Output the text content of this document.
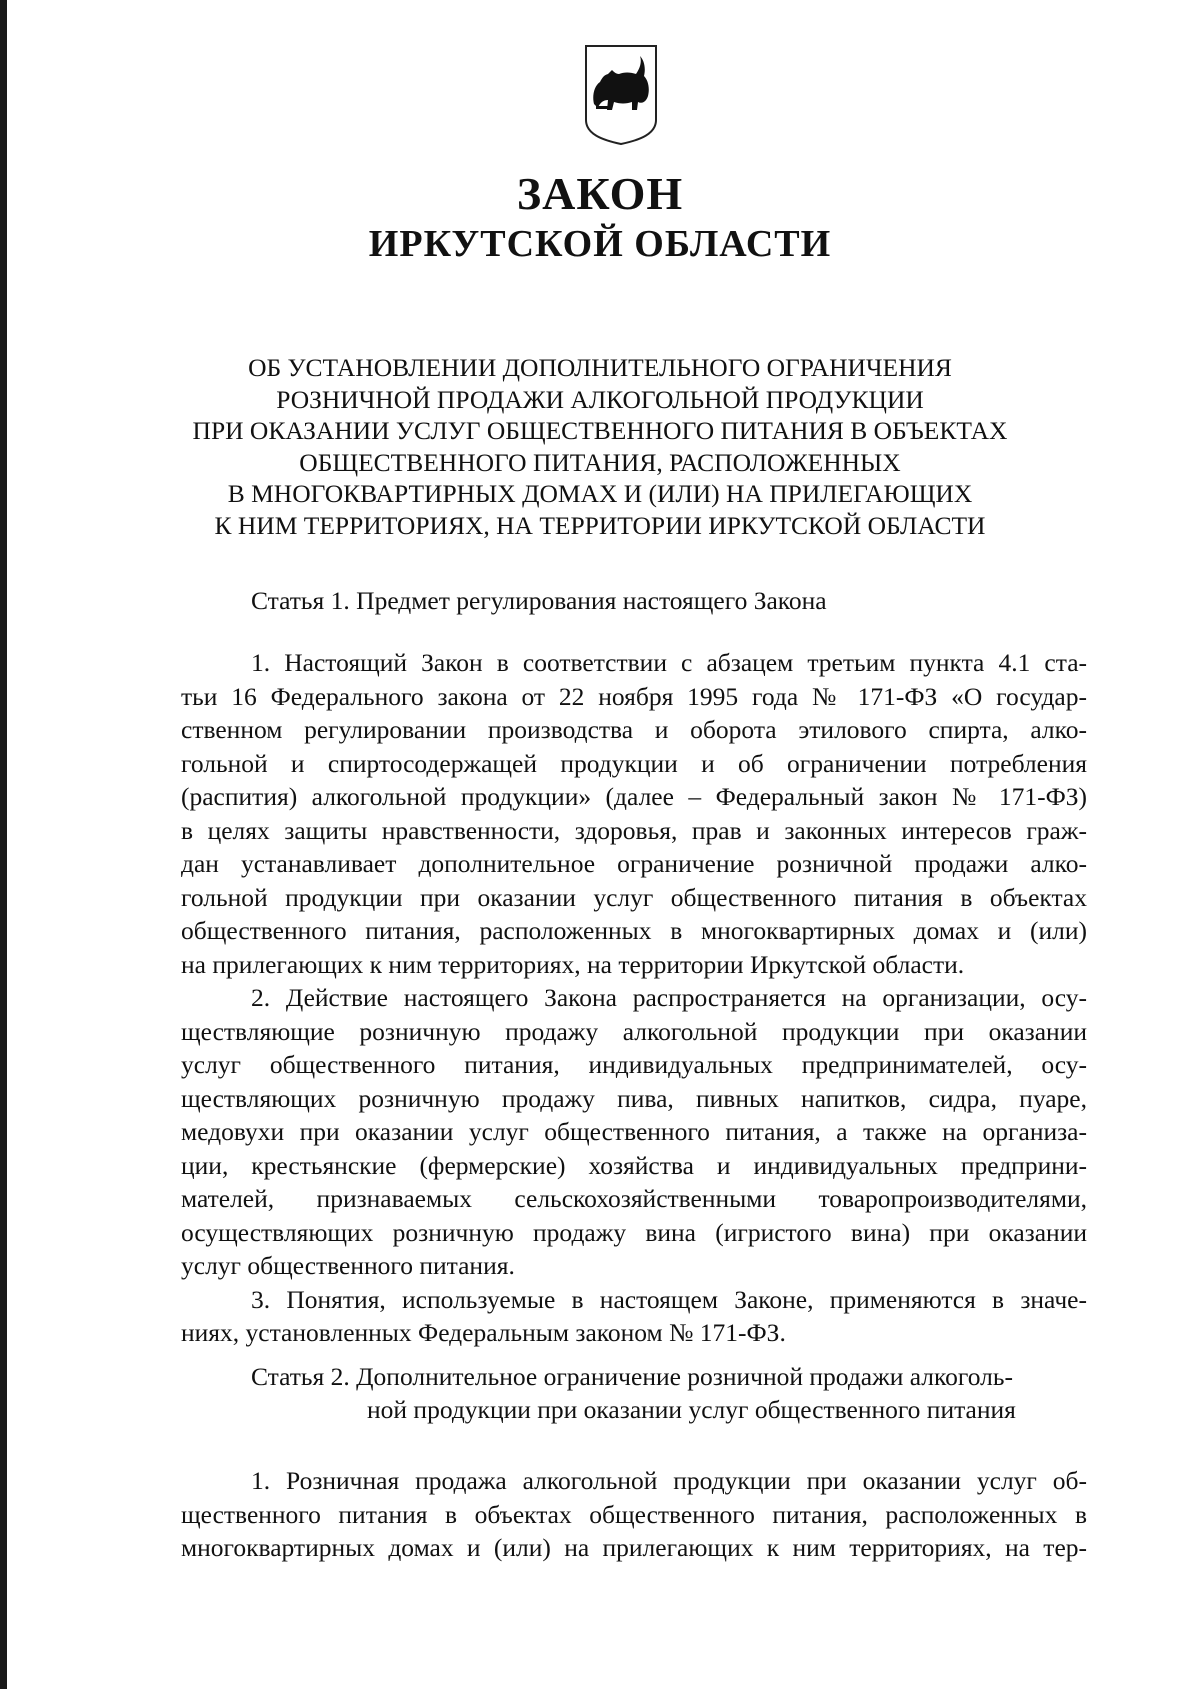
ЗАКОН
ИРКУТСКОЙ ОБЛАСТИ
ОБ УСТАНОВЛЕНИИ ДОПОЛНИТЕЛЬНОГО ОГРАНИЧЕНИЯ
РОЗНИЧНОЙ ПРОДАЖИ АЛКОГОЛЬНОЙ ПРОДУКЦИИ
ПРИ ОКАЗАНИИ УСЛУГ ОБЩЕСТВЕННОГО ПИТАНИЯ В ОБЪЕКТАХ
ОБЩЕСТВЕННОГО ПИТАНИЯ, РАСПОЛОЖЕННЫХ
В МНОГОКВАРТИРНЫХ ДОМАХ И (ИЛИ) НА ПРИЛЕГАЮЩИХ
К НИМ ТЕРРИТОРИЯХ, НА ТЕРРИТОРИИ ИРКУТСКОЙ ОБЛАСТИ
Статья 1. Предмет регулирования настоящего Закона
1. Настоящий Закон в соответствии с абзацем третьим пункта 4.1 ста-
тьи 16 Федерального закона от 22 ноября 1995 года № 171-ФЗ «О государ-
ственном регулировании производства и оборота этилового спирта, алко-
гольной и спиртосодержащей продукции и об ограничении потребления
(распития) алкогольной продукции» (далее – Федеральный закон № 171-ФЗ)
в целях защиты нравственности, здоровья, прав и законных интересов граж-
дан устанавливает дополнительное ограничение розничной продажи алко-
гольной продукции при оказании услуг общественного питания в объектах
общественного питания, расположенных в многоквартирных домах и (или)
на прилегающих к ним территориях, на территории Иркутской области.
2. Действие настоящего Закона распространяется на организации, осу-
ществляющие розничную продажу алкогольной продукции при оказании
услуг общественного питания, индивидуальных предпринимателей, осу-
ществляющих розничную продажу пива, пивных напитков, сидра, пуаре,
медовухи при оказании услуг общественного питания, а также на организа-
ции, крестьянские (фермерские) хозяйства и индивидуальных предприни-
мателей, признаваемых сельскохозяйственными товаропроизводителями,
осуществляющих розничную продажу вина (игристого вина) при оказании
услуг общественного питания.
3. Понятия, используемые в настоящем Законе, применяются в значе-
ниях, установленных Федеральным законом № 171-ФЗ.
Статья 2. Дополнительное ограничение розничной продажи алкоголь-
ной продукции при оказании услуг общественного питания
1. Розничная продажа алкогольной продукции при оказании услуг об-
щественного питания в объектах общественного питания, расположенных в
многоквартирных домах и (или) на прилегающих к ним территориях, на тер-
